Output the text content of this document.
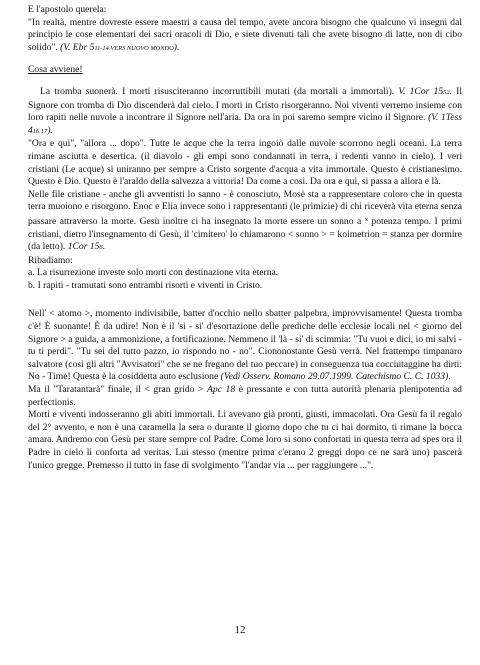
E l'apostolo querela:

"In realtà, mentre dovreste essere maestri a causa del tempo, avete ancora bisogno che qualcuno vi insegni dal principio le cose elementari dei sacri oracoli di Dio, e siete divenuti tali che avete bisogno di latte, non di cibo solido". (V. Ebr 511-14 VERS NUOVO MONDO).

Cosa avviene!

La tromba suonerà. I morti risusciteranno incorruttibili mutati (da mortali a immortali). V. 1Cor 1552. Il Signore con tromba di Dio discenderà dal cielo. I morti in Cristo risorgeranno. Noi viventi verremo insieme con loro rapiti nelle nuvole a incontrare il Signore nell'aria. Da ora in poi saremo sempre vicino il Signore. (V. 1Tess 416.17).

"Ora e qui", "allora ... dopo". Tutte le acque che la terra ingoiò dalle nuvole scorrono negli oceani. La terra rimane asciutta e desertica. (il diavolo - gli empi sono condannati in terra, i redenti vanno in cielo). I veri cristiani (Le acque) si uniranno per sempre a Cristo sorgente d'acqua a vita immortale. Questo è cristianesimo. Questo è Dio. Questo è l'araldo della salvezza a vittoria! Da come a così. Da ora e qui, si passa a allora e là.

Nelle file cristiane - anche gli avventisti lo sanno - è conosciuto, Mosè sta a rappresentare coloro che in questa terra muoiono e risorgono. Enoc e Elia invece sono i rappresentanti (le primizie) di chi riceverà vita eterna senza passare attraverso la morte. Gesù inoltre ci ha insegnato la morte essere un sonno a $^x$ potenza tempo. I primi cristiani, dietro l'insegnamento di Gesù, il 'cimitero' lo chiamarono < sonno > = koimetrion = stanza per dormire (da letto). 1Cor 156.

Ribadiamo:

a. La risurrezione investe solo morti con destinazione vita eterna.

b. I rapiti - tramutati sono entrambi risorti e viventi in Cristo.

Nell' < atomo >, momento indivisibile, batter d'occhio nello sbatter palpebra, improvvisamente! Questa tromba c'è! È suonante! È da udire! Non è il 'si - si' d'esortazione delle prediche delle ecclesie locali nel < giorno del Signore > a guida, a ammonizione, a fortificazione. Nemmeno il 'là - si' di scimmia: "Tu vuoi e dici, io mi salvi - tu ti perdi". "Tu sei del tutto pazzo, io rispondo no - no". Ciononostante Gesù verrà. Nel frattempo timpanaro salvatore (così gli altri "Avvisatori" che se ne fregano del tuo peccare) in conseguenza tua cocciutaggine ha dirti: No - Time! Questa è la cosiddetta auto esclusione (Vedi Osserv. Romano 29.07.1999. Catechismo C. C. 1033).

Ma il "Taratantarà" finale, il < gran grido > Apc 18 è pressante e con tutta autorità plenaria plenipotentia ad perfectionis.

Morti e viventi indosseranno gli abiti immortali. Li avevano già pronti, giusti, immacolati. Ora Gesù fa il regalo del 2° avvento, e non è una caramella la sera o durante il giorno dopo che tu ci hai dormito, ti rimane la bocca amara. Andremo con Gesù per stare sempre col Padre. Come loro si sono confortati in questa terra ad spes ora il Padre in cielo li conforta ad veritas. Lui stesso (mentre prima c'erano 2 greggi dopo ce ne sarà uno) pascerà l'unico gregge. Premesso il tutto in fase di svolgimento "l'andar via ... per raggiungere ...".

12
